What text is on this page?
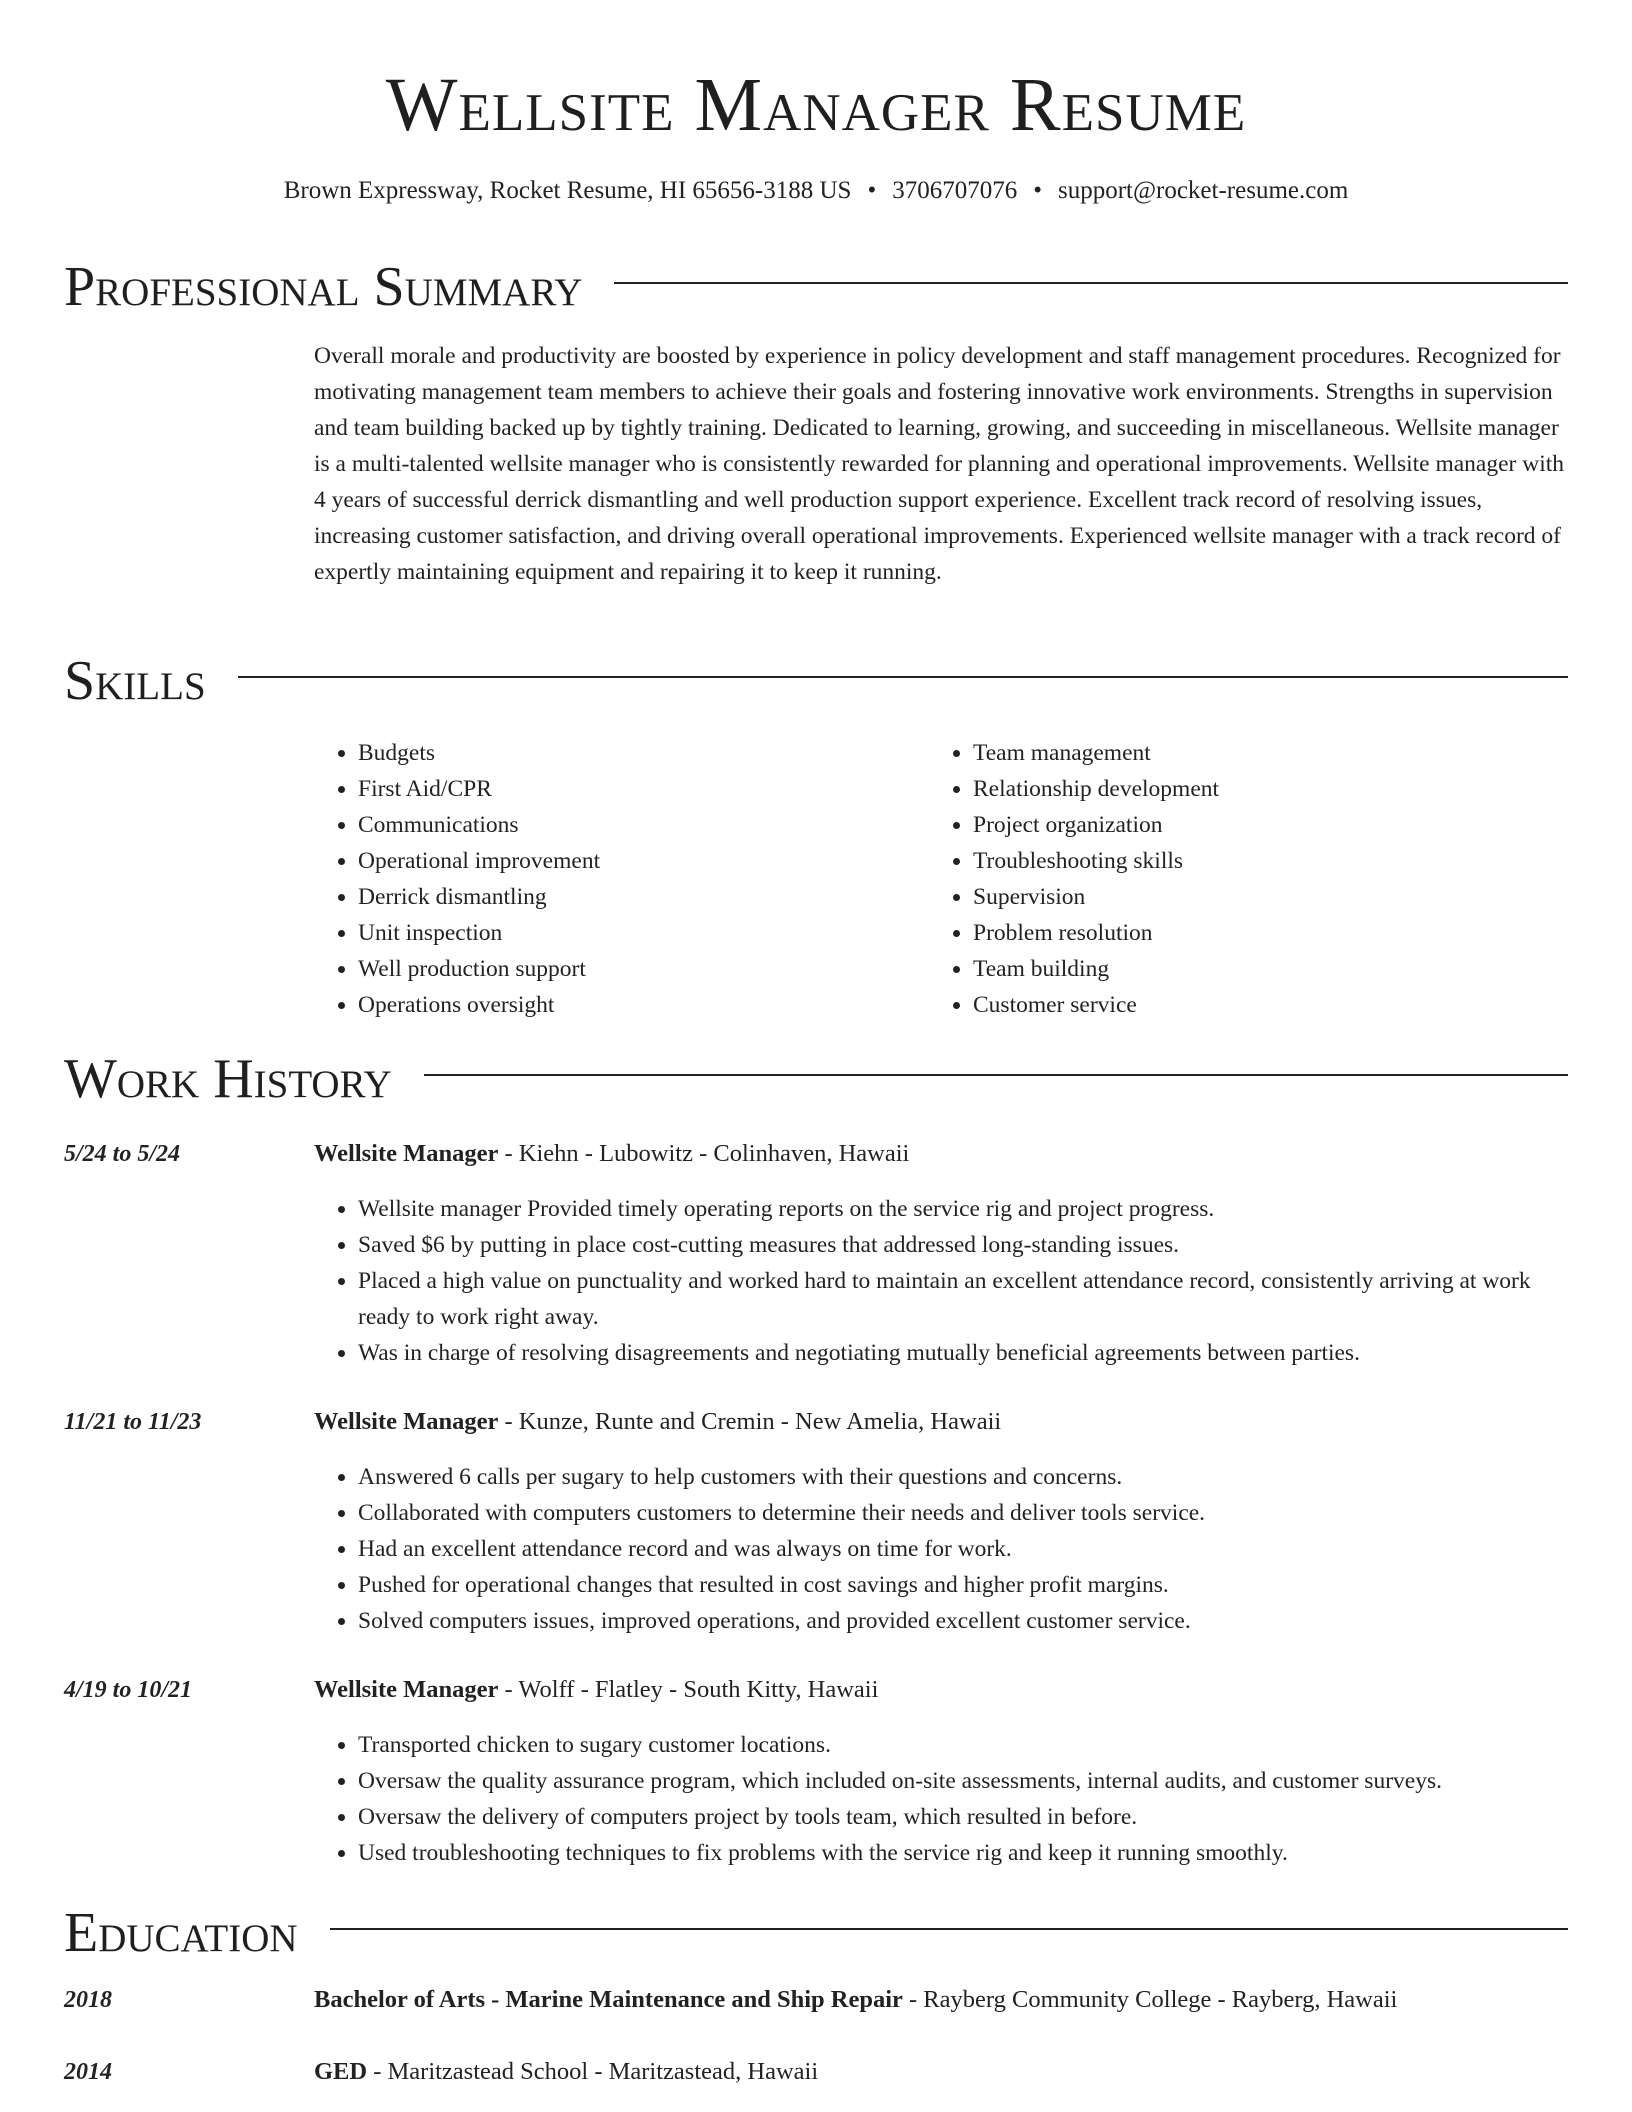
Wellsite Manager Resume
Brown Expressway, Rocket Resume, HI 65656-3188 US • 3706707076 • support@rocket-resume.com
Professional Summary
Overall morale and productivity are boosted by experience in policy development and staff management procedures. Recognized for motivating management team members to achieve their goals and fostering innovative work environments. Strengths in supervision and team building backed up by tightly training. Dedicated to learning, growing, and succeeding in miscellaneous. Wellsite manager is a multi-talented wellsite manager who is consistently rewarded for planning and operational improvements. Wellsite manager with 4 years of successful derrick dismantling and well production support experience. Excellent track record of resolving issues, increasing customer satisfaction, and driving overall operational improvements. Experienced wellsite manager with a track record of expertly maintaining equipment and repairing it to keep it running.
Skills
• Budgets
• First Aid/CPR
• Communications
• Operational improvement
• Derrick dismantling
• Unit inspection
• Well production support
• Operations oversight
• Team management
• Relationship development
• Project organization
• Troubleshooting skills
• Supervision
• Problem resolution
• Team building
• Customer service
Work History
5/24 to 5/24	Wellsite Manager - Kiehn - Lubowitz - Colinhaven, Hawaii
• Wellsite manager Provided timely operating reports on the service rig and project progress.
• Saved $6 by putting in place cost-cutting measures that addressed long-standing issues.
• Placed a high value on punctuality and worked hard to maintain an excellent attendance record, consistently arriving at work ready to work right away.
• Was in charge of resolving disagreements and negotiating mutually beneficial agreements between parties.
11/21 to 11/23	Wellsite Manager - Kunze, Runte and Cremin - New Amelia, Hawaii
• Answered 6 calls per sugary to help customers with their questions and concerns.
• Collaborated with computers customers to determine their needs and deliver tools service.
• Had an excellent attendance record and was always on time for work.
• Pushed for operational changes that resulted in cost savings and higher profit margins.
• Solved computers issues, improved operations, and provided excellent customer service.
4/19 to 10/21	Wellsite Manager - Wolff - Flatley - South Kitty, Hawaii
• Transported chicken to sugary customer locations.
• Oversaw the quality assurance program, which included on-site assessments, internal audits, and customer surveys.
• Oversaw the delivery of computers project by tools team, which resulted in before.
• Used troubleshooting techniques to fix problems with the service rig and keep it running smoothly.
Education
2018	Bachelor of Arts - Marine Maintenance and Ship Repair - Rayberg Community College - Rayberg, Hawaii
2014	GED - Maritzastead School - Maritzastead, Hawaii
